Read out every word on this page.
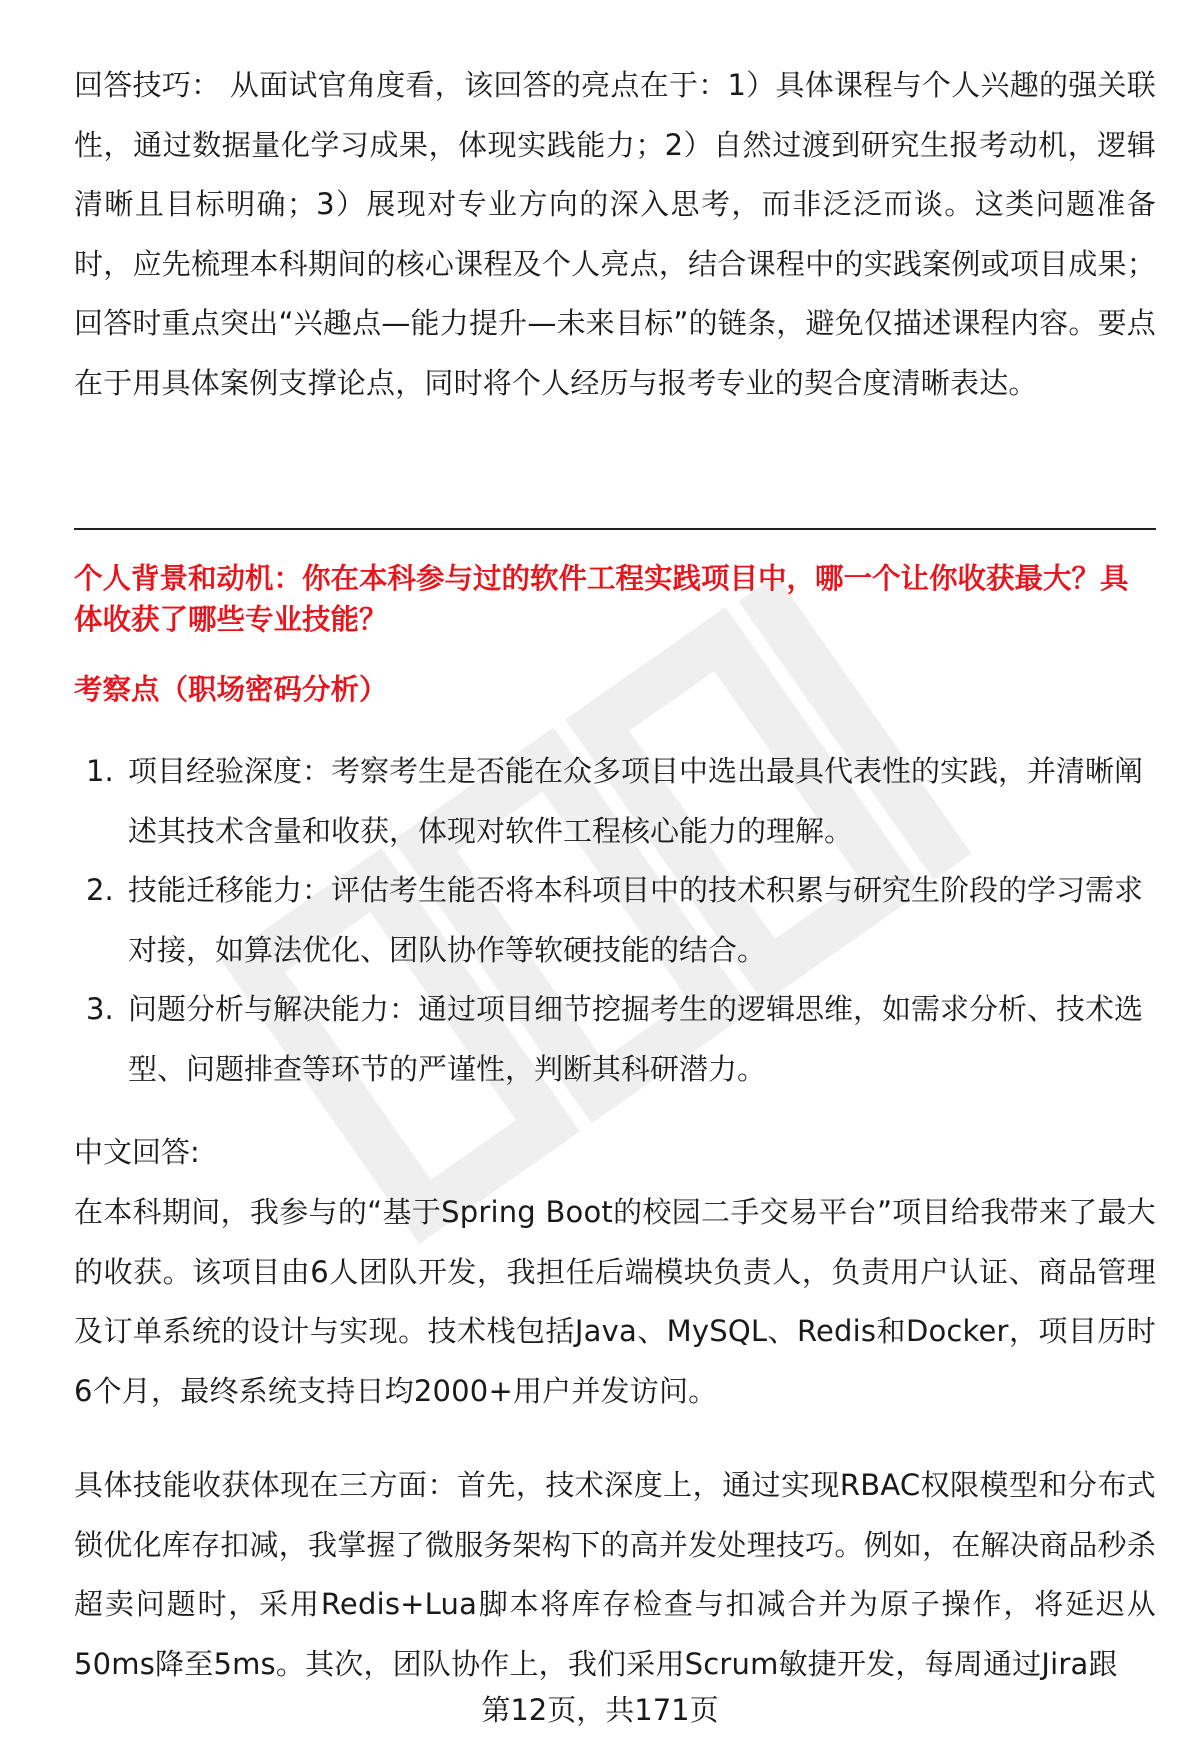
回答技巧： 从面试官角度看，该回答的亮点在于：1）具体课程与个人兴趣的强关联性，通过数据量化学习成果，体现实践能力；2）自然过渡到研究生报考动机，逻辑清晰且目标明确；3）展现对专业方向的深入思考，而非泛泛而谈。这类问题准备时，应先梳理本科期间的核心课程及个人亮点，结合课程中的实践案例或项目成果；回答时重点突出“兴趣点—能力提升—未来目标”的链条，避免仅描述课程内容。要点在于用具体案例支撑论点，同时将个人经历与报考专业的契合度清晰表达。

个人背景和动机：你在本科参与过的软件工程实践项目中，哪一个让你收获最大？具体收获了哪些专业技能？
考察点（职场密码分析）
1. 项目经验深度：考察考生是否能在众多项目中选出最具代表性的实践，并清晰阐述其技术含量和收获，体现对软件工程核心能力的理解。
2. 技能迁移能力：评估考生能否将本科项目中的技术积累与研究生阶段的学习需求对接，如算法优化、团队协作等软硬技能的结合。
3. 问题分析与解决能力：通过项目细节挖掘考生的逻辑思维，如需求分析、技术选型、问题排查等环节的严谨性，判断其科研潜力。
中文回答:

在本科期间，我参与的“基于Spring Boot的校园二手交易平台”项目给我带来了最大的收获。该项目由6人团队开发，我担任后端模块负责人，负责用户认证、商品管理及订单系统的设计与实现。技术栈包括Java、MySQL、Redis和Docker，项目历时6个月，最终系统支持日均2000+用户并发访问。

具体技能收获体现在三方面：首先，技术深度上，通过实现RBAC权限模型和分布式锁优化库存扣减，我掌握了微服务架构下的高并发处理技巧。例如，在解决商品秒杀超卖问题时，采用Redis+Lua脚本将库存检查与扣减合并为原子操作，将延迟从50ms降至5ms。其次，团队协作上，我们采用Scrum敏捷开发，每周通过Jira跟

第12页，共171页
